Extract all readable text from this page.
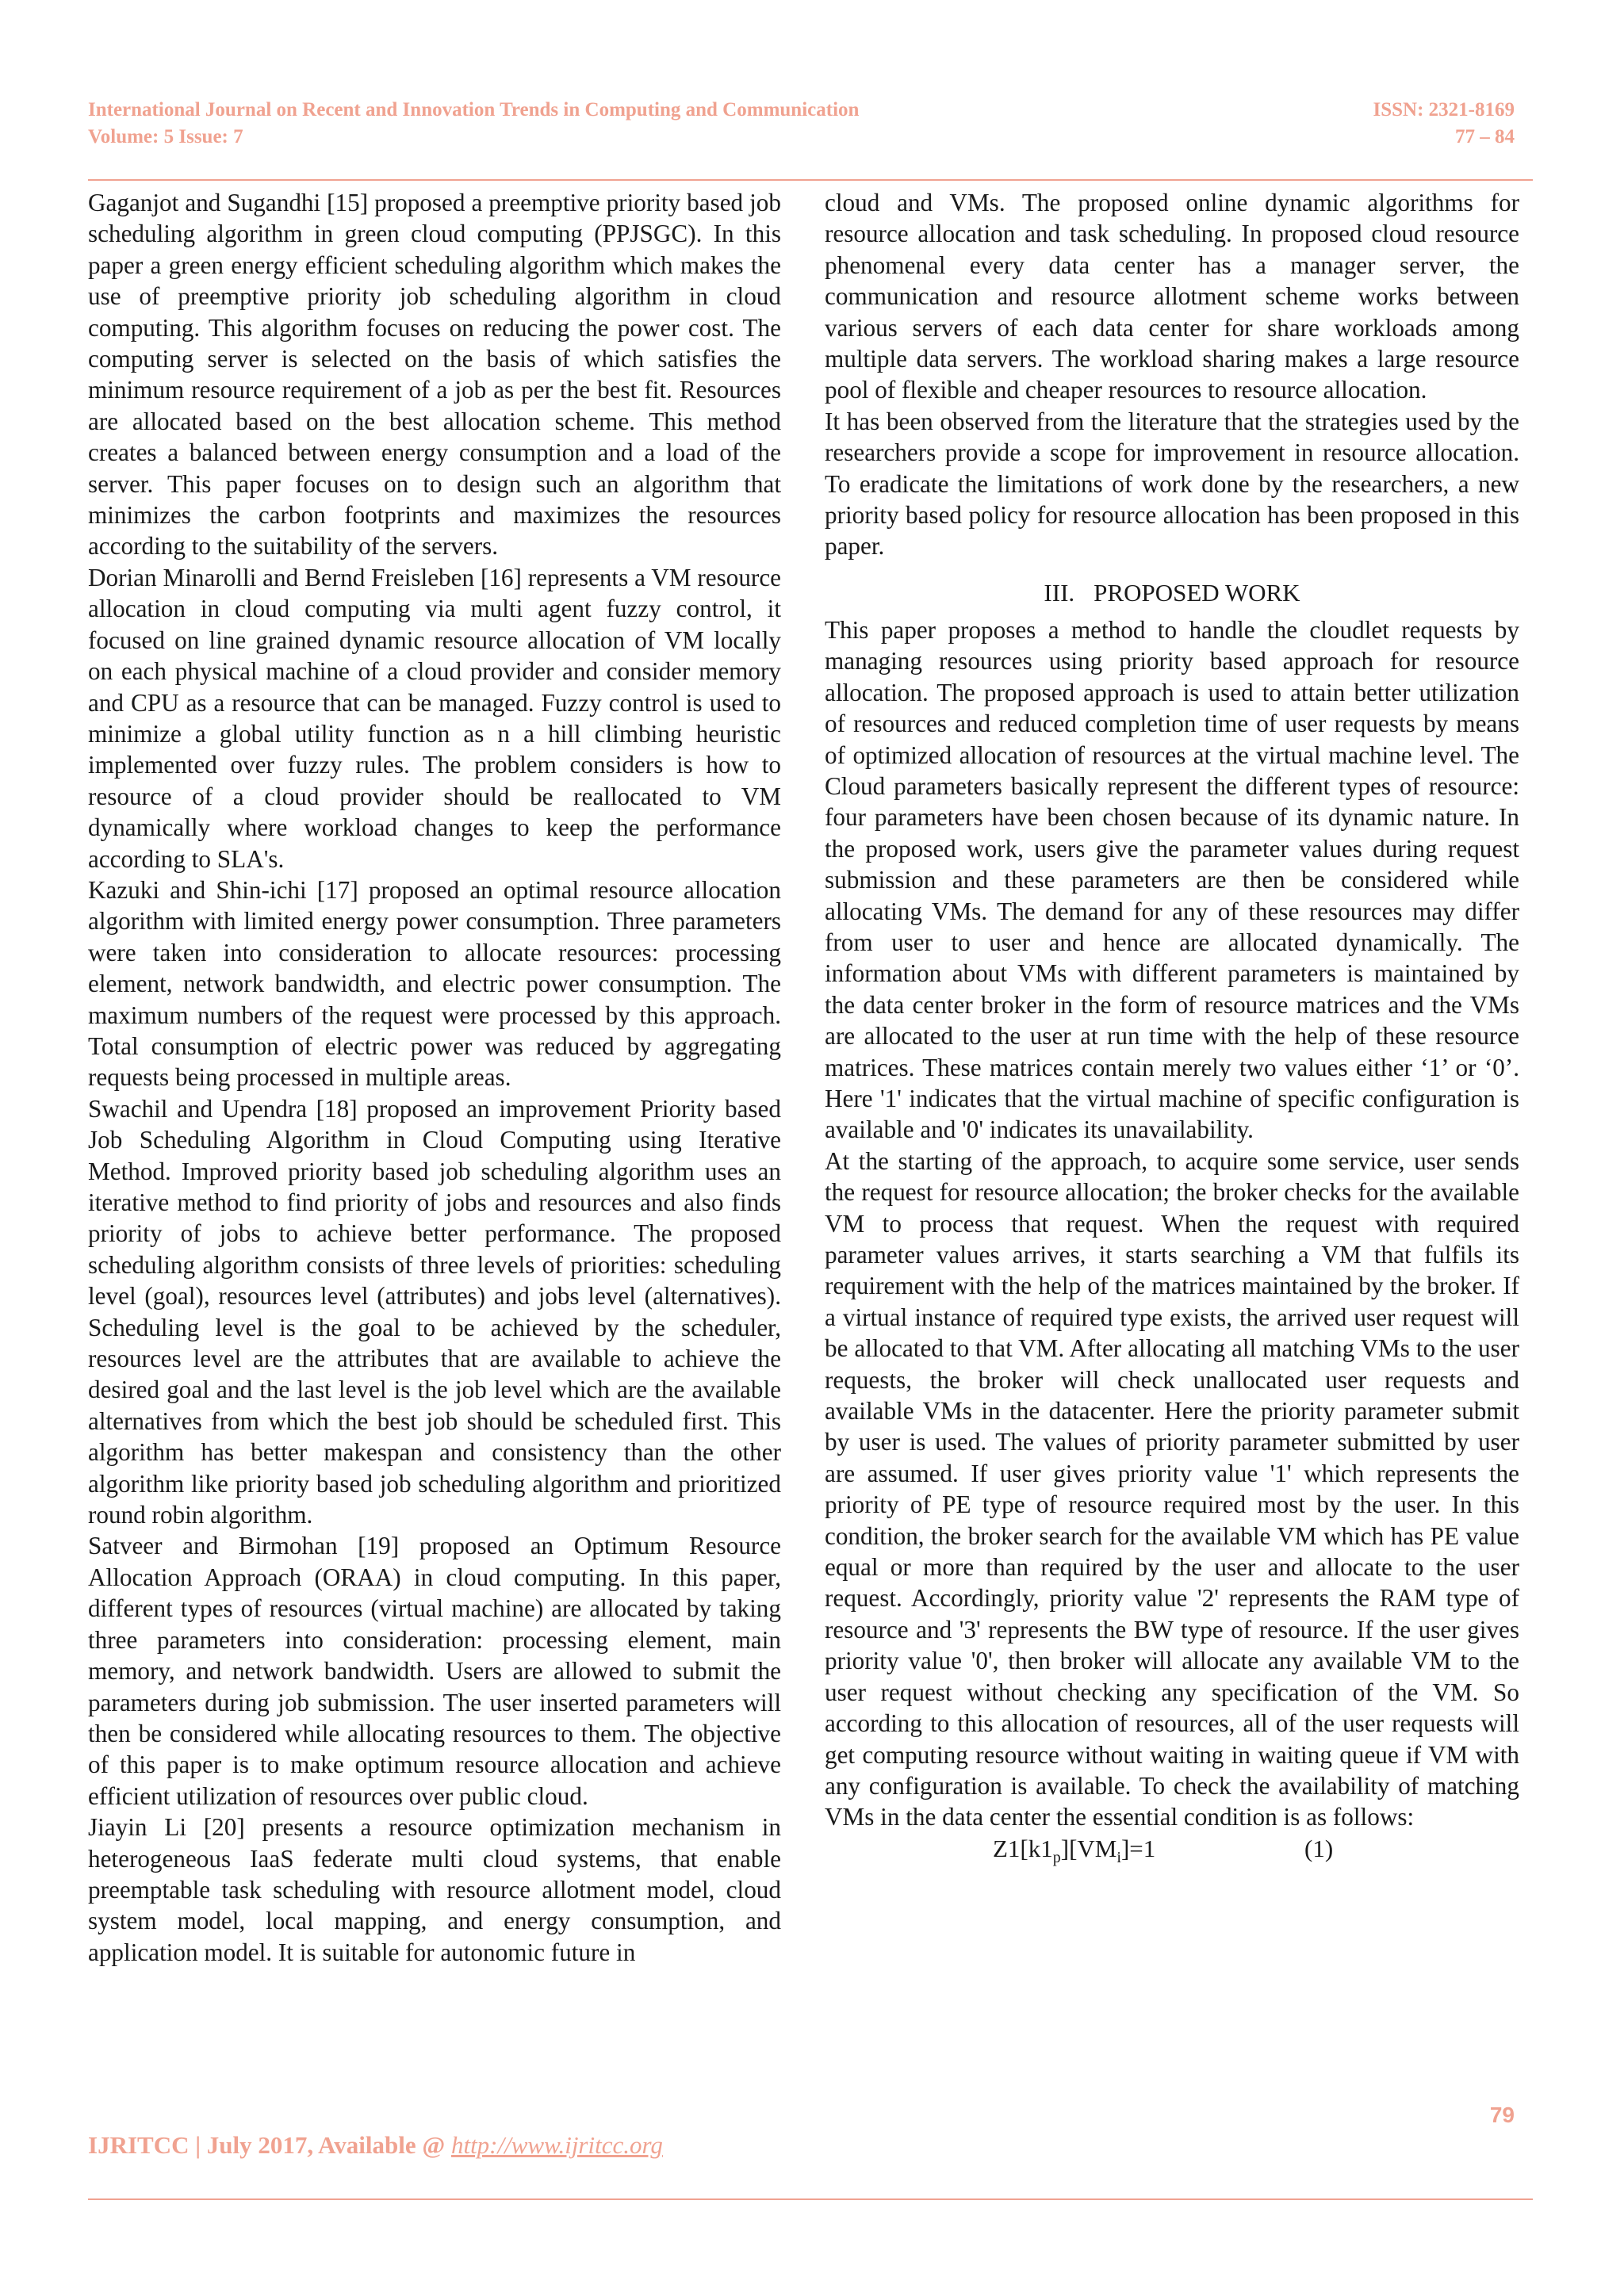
International Journal on Recent and Innovation Trends in Computing and Communication
Volume: 5 Issue: 7
ISSN: 2321-8169
77 – 84

Gaganjot and Sugandhi [15] proposed a preemptive priority based job scheduling algorithm in green cloud computing (PPJSGC). In this paper a green energy efficient scheduling algorithm which makes the use of preemptive priority job scheduling algorithm in cloud computing. This algorithm focuses on reducing the power cost. The computing server is selected on the basis of which satisfies the minimum resource requirement of a job as per the best fit. Resources are allocated based on the best allocation scheme. This method creates a balanced between energy consumption and a load of the server. This paper focuses on to design such an algorithm that minimizes the carbon footprints and maximizes the resources according to the suitability of the servers.

Dorian Minarolli and Bernd Freisleben [16] represents a VM resource allocation in cloud computing via multi agent fuzzy control, it focused on line grained dynamic resource allocation of VM locally on each physical machine of a cloud provider and consider memory and CPU as a resource that can be managed. Fuzzy control is used to minimize a global utility function as n a hill climbing heuristic implemented over fuzzy rules. The problem considers is how to resource of a cloud provider should be reallocated to VM dynamically where workload changes to keep the performance according to SLA's.

Kazuki and Shin-ichi [17] proposed an optimal resource allocation algorithm with limited energy power consumption. Three parameters were taken into consideration to allocate resources: processing element, network bandwidth, and electric power consumption. The maximum numbers of the request were processed by this approach. Total consumption of electric power was reduced by aggregating requests being processed in multiple areas.

Swachil and Upendra [18] proposed an improvement Priority based Job Scheduling Algorithm in Cloud Computing using Iterative Method. Improved priority based job scheduling algorithm uses an iterative method to find priority of jobs and resources and also finds priority of jobs to achieve better performance. The proposed scheduling algorithm consists of three levels of priorities: scheduling level (goal), resources level (attributes) and jobs level (alternatives). Scheduling level is the goal to be achieved by the scheduler, resources level are the attributes that are available to achieve the desired goal and the last level is the job level which are the available alternatives from which the best job should be scheduled first. This algorithm has better makespan and consistency than the other algorithm like priority based job scheduling algorithm and prioritized round robin algorithm.

Satveer and Birmohan [19] proposed an Optimum Resource Allocation Approach (ORAA) in cloud computing. In this paper, different types of resources (virtual machine) are allocated by taking three parameters into consideration: processing element, main memory, and network bandwidth. Users are allowed to submit the parameters during job submission. The user inserted parameters will then be considered while allocating resources to them. The objective of this paper is to make optimum resource allocation and achieve efficient utilization of resources over public cloud.

Jiayin Li [20] presents a resource optimization mechanism in heterogeneous IaaS federate multi cloud systems, that enable preemptable task scheduling with resource allotment model, cloud system model, local mapping, and energy consumption, and application model. It is suitable for autonomic future in

cloud and VMs. The proposed online dynamic algorithms for resource allocation and task scheduling. In proposed cloud resource phenomenal every data center has a manager server, the communication and resource allotment scheme works between various servers of each data center for share workloads among multiple data servers. The workload sharing makes a large resource pool of flexible and cheaper resources to resource allocation.

It has been observed from the literature that the strategies used by the researchers provide a scope for improvement in resource allocation. To eradicate the limitations of work done by the researchers, a new priority based policy for resource allocation has been proposed in this paper.

III. PROPOSED WORK

This paper proposes a method to handle the cloudlet requests by managing resources using priority based approach for resource allocation. The proposed approach is used to attain better utilization of resources and reduced completion time of user requests by means of optimized allocation of resources at the virtual machine level. The Cloud parameters basically represent the different types of resource: four parameters have been chosen because of its dynamic nature. In the proposed work, users give the parameter values during request submission and these parameters are then be considered while allocating VMs. The demand for any of these resources may differ from user to user and hence are allocated dynamically. The information about VMs with different parameters is maintained by the data center broker in the form of resource matrices and the VMs are allocated to the user at run time with the help of these resource matrices. These matrices contain merely two values either ‘1’ or ‘0’. Here '1' indicates that the virtual machine of specific configuration is available and '0' indicates its unavailability.

At the starting of the approach, to acquire some service, user sends the request for resource allocation; the broker checks for the available VM to process that request. When the request with required parameter values arrives, it starts searching a VM that fulfils its requirement with the help of the matrices maintained by the broker. If a virtual instance of required type exists, the arrived user request will be allocated to that VM. After allocating all matching VMs to the user requests, the broker will check unallocated user requests and available VMs in the datacenter. Here the priority parameter submit by user is used. The values of priority parameter submitted by user are assumed. If user gives priority value '1' which represents the priority of PE type of resource required most by the user. In this condition, the broker search for the available VM which has PE value equal or more than required by the user and allocate to the user request. Accordingly, priority value '2' represents the RAM type of resource and '3' represents the BW type of resource. If the user gives priority value '0', then broker will allocate any available VM to the user request without checking any specification of the VM. So according to this allocation of resources, all of the user requests will get computing resource without waiting in waiting queue if VM with any configuration is available. To check the availability of matching VMs in the data center the essential condition is as follows:

$Z1[k1_p][VM_i]=1$	(1)
79
IJRITCC | July 2017, Available @ http://www.ijritcc.org
